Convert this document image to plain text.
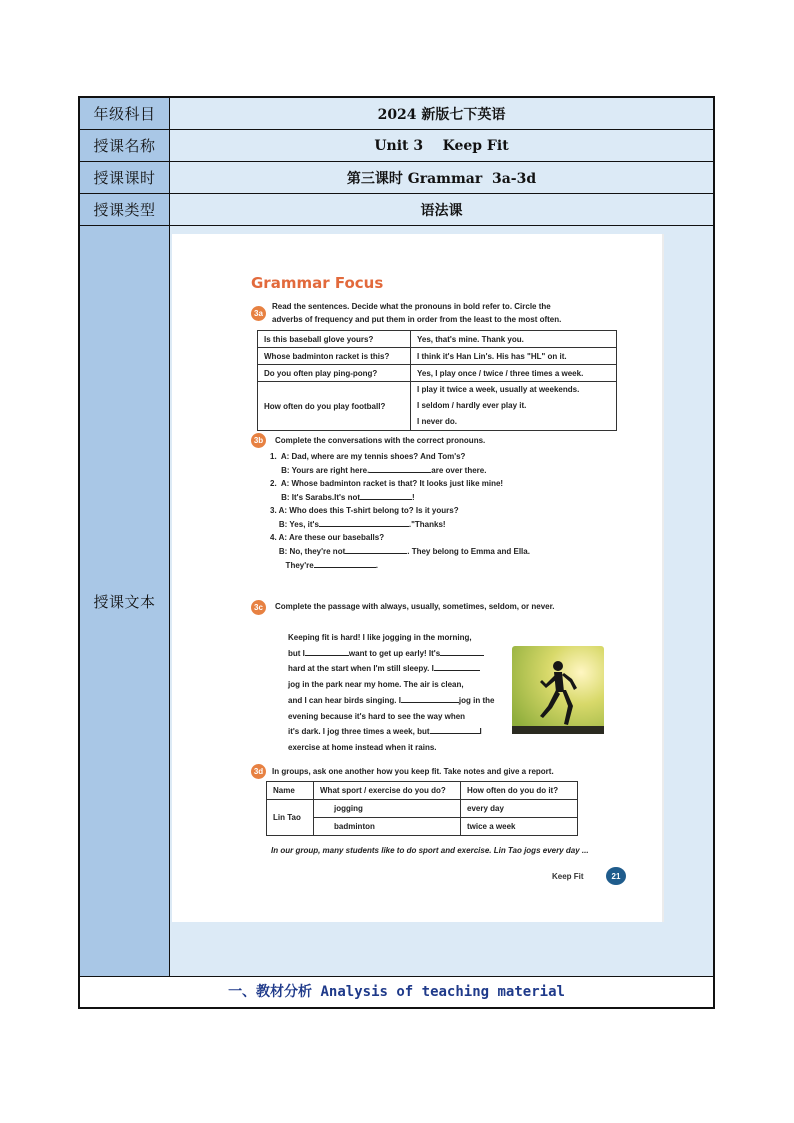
年级科目	2024 新版七下英语
授课名称	Unit 3    Keep Fit
授课课时	第三课时 Grammar  3a-3d
授课类型	语法课
授课文本
Grammar Focus
3a
Read the sentences. Decide what the pronouns in bold refer to. Circle the
adverbs of frequency and put them in order from the least to the most often.
Is this baseball glove yours?	Yes, that's mine. Thank you.
Whose badminton racket is this?	I think it's Han Lin's. His has "HL" on it.
Do you often play ping-pong?	Yes, I play once / twice / three times a week.
How often do you play football?	I play it twice a week, usually at weekends.
I seldom / hardly ever play it.
I never do.
3b	Complete the conversations with the correct pronouns.
1.  A: Dad, where are my tennis shoes? And Tom's?
B: Yours are right here.	are over there.
2.  A: Whose badminton racket is that? It looks just like mine!
B: It's Sarabs.It's not	!
3. A: Who does this T-shirt belong to? Is it yours?
B: Yes, it's	."Thanks!
4. A: Are these our baseballs?
B: No, they're not	. They belong to Emma and Ella.
They're	.
3c	Complete the passage with always, usually, sometimes, seldom, or never.
Keeping fit is hard! I like jogging in the morning,
but I	want to get up early! It's
hard at the start when I'm still sleepy. I
jog in the park near my home. The air is clean,
and I can hear birds singing. I	jog in the
evening because it's hard to see the way when
it's dark. I jog three times a week, but	I
exercise at home instead when it rains.
3d	In groups, ask one another how you keep fit. Take notes and give a report.
Name	What sport / exercise do you do?	How often do you do it?
Lin Tao	jogging	every day
	badminton	twice a week
In our group, many students like to do sport and exercise. Lin Tao jogs every day ...
Keep Fit	21
一、教材分析 Analysis of teaching material
